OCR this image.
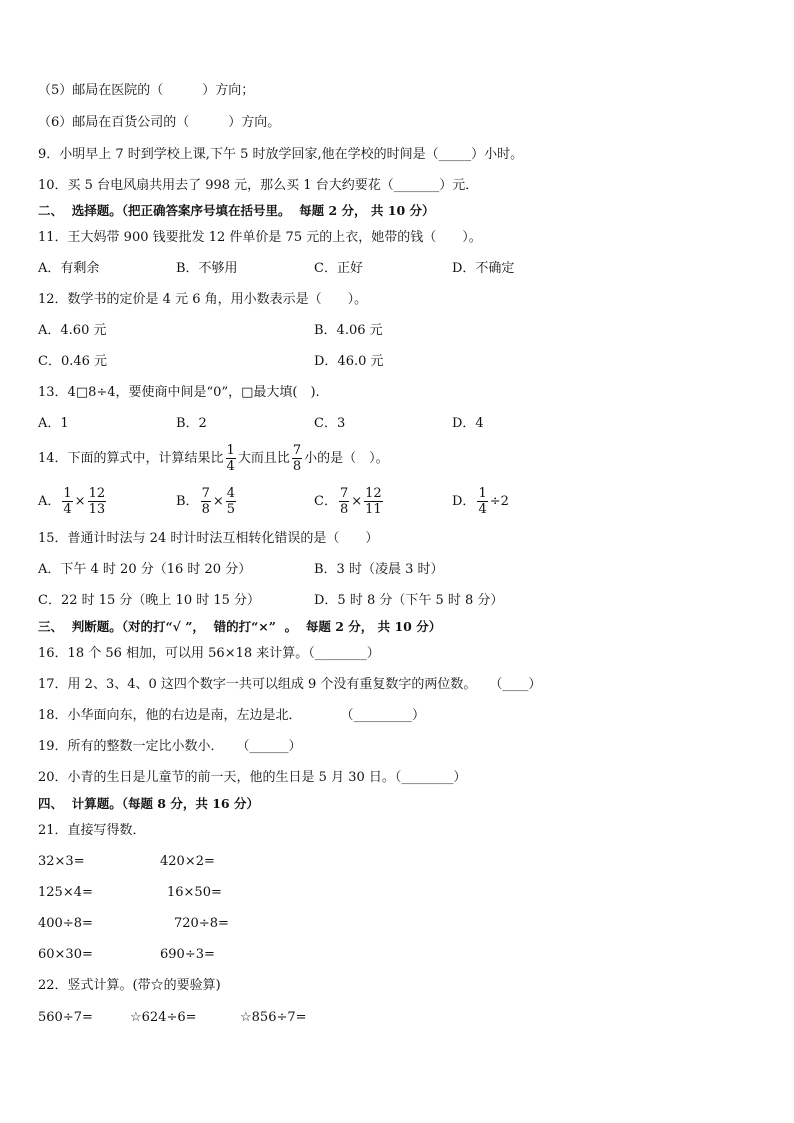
（5）邮局在医院的（　　　）方向；
（6）邮局在百货公司的（　　　）方向。
9．小明早上 7 时到学校上课,下午 5 时放学回家,他在学校的时间是（_____）小时。
10．买 5 台电风扇共用去了 998 元，那么买 1 台大约要花（_______）元．
二、  选择题。（把正确答案序号填在括号里。  每题 2 分， 共 10 分）
11．王大妈带 900 钱要批发 12 件单价是 75 元的上衣，她带的钱（　　）。
A．有剩余	B．不够用	C．正好	D．不确定
12．数学书的定价是 4 元 6 角，用小数表示是（　　）。
A．4.60 元	B．4.06 元
C．0.46 元	D．46.0 元
13．4□8÷4，要使商中间是“0”，□最大填(　).
A．1	B．2	C．3	D．4
14．下面的算式中，计算结果比 $\frac{1}{4}$ 大而且比 $\frac{7}{8}$ 小的是（　）。
A． $\frac{1}{4} \times \frac{12}{13}$	B． $\frac{7}{8} \times \frac{4}{5}$	C． $\frac{7}{8} \times \frac{12}{11}$	D． $\frac{1}{4} \div 2$
15．普通计时法与 24 时计时法互相转化错误的是（　　）
A．下午 4 时 20 分（16 时 20 分）	B．3 时（凌晨 3 时）
C．22 时 15 分（晚上 10 时 15 分）	D．5 时 8 分（下午 5 时 8 分）
三、  判断题。（对的打“√ ”，  错的打“×”  。  每题 2 分， 共 10 分）
16．18 个 56 相加，可以用 56×18 来计算。（________）
17．用 2、3、4、0 这四个数字一共可以组成 9 个没有重复数字的两位数。　　（____）
18．小华面向东，他的右边是南，左边是北．　　　　（_________）
19．所有的整数一定比小数小．　　（______）
20．小青的生日是儿童节的前一天，他的生日是 5 月 30 日。（________）
四、  计算题。（每题 8 分，共 16 分）
21．直接写得数．
32×3=	420×2=
125×4=	16×50=
400÷8=	720÷8=
60×30=	690÷3=
22．竖式计算。(带☆的要验算)
560÷7=	☆624÷6=	☆856÷7=
